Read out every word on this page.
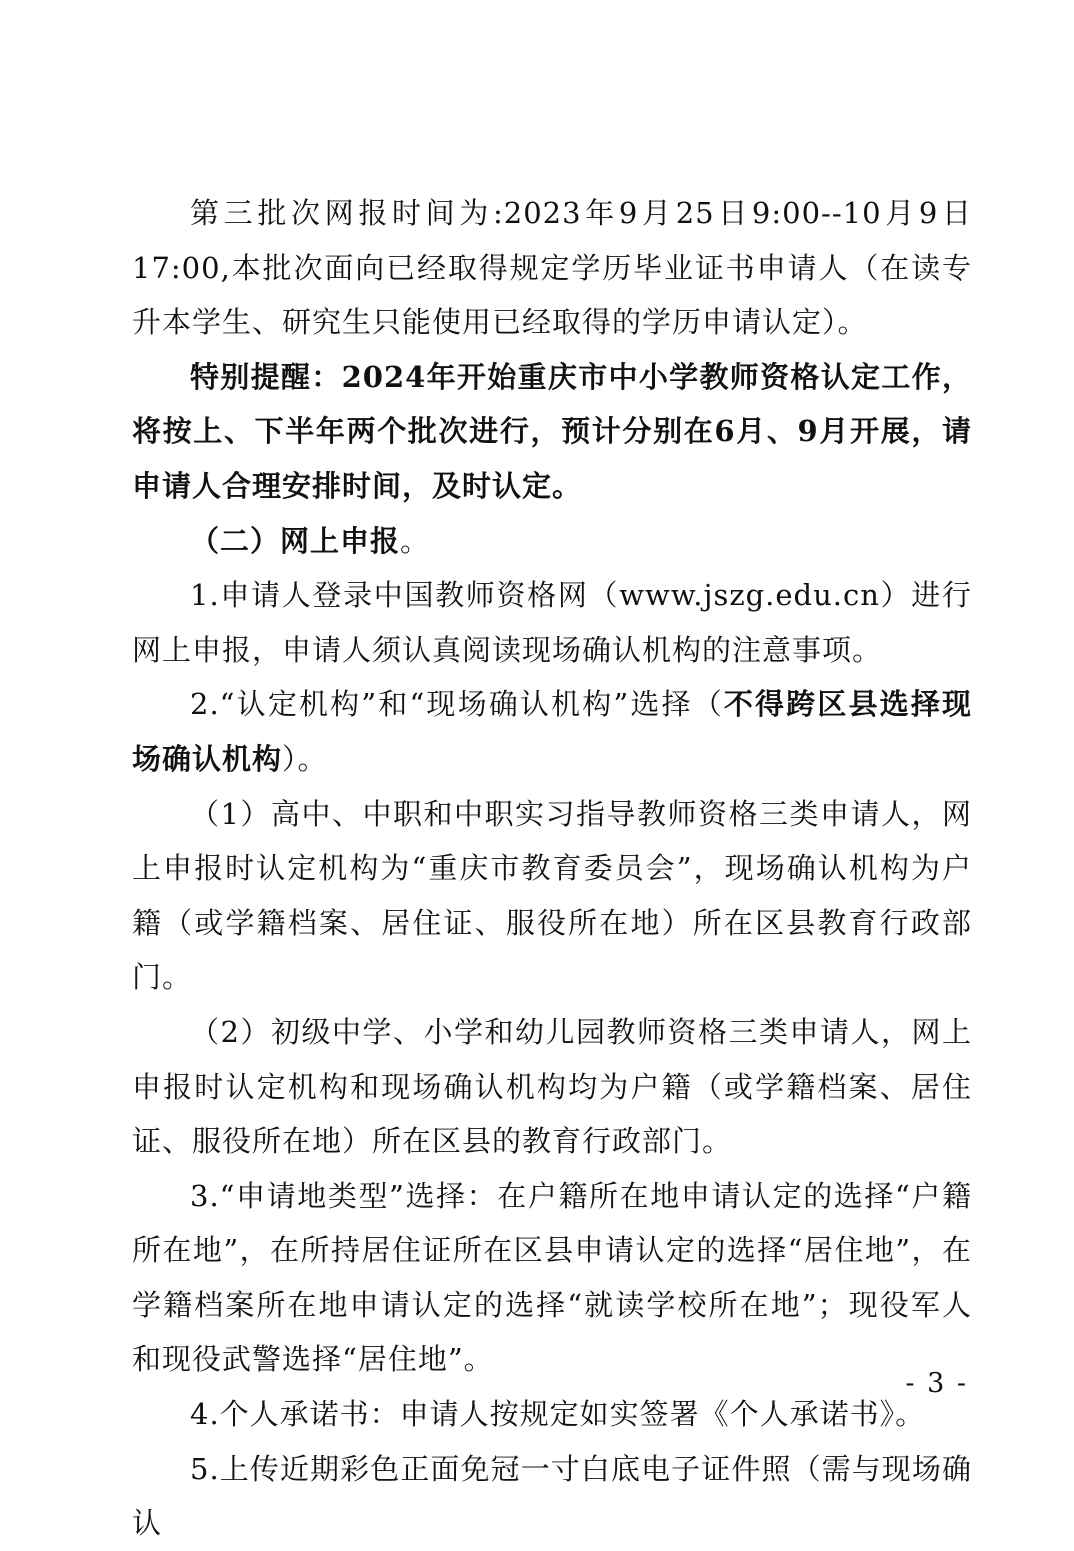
第三批次网报时间为:2023年9月25日9:00--10月9日17:00,本批次面向已经取得规定学历毕业证书申请人（在读专升本学生、研究生只能使用已经取得的学历申请认定）。

特别提醒：2024年开始重庆市中小学教师资格认定工作，将按上、下半年两个批次进行，预计分别在6月、9月开展，请申请人合理安排时间，及时认定。

（二）网上申报。

1.申请人登录中国教师资格网（www.jszg.edu.cn）进行网上申报，申请人须认真阅读现场确认机构的注意事项。

2.“认定机构”和“现场确认机构”选择（不得跨区县选择现场确认机构）。

（1）高中、中职和中职实习指导教师资格三类申请人，网上申报时认定机构为“重庆市教育委员会”，现场确认机构为户籍（或学籍档案、居住证、服役所在地）所在区县教育行政部门。

（2）初级中学、小学和幼儿园教师资格三类申请人，网上申报时认定机构和现场确认机构均为户籍（或学籍档案、居住证、服役所在地）所在区县的教育行政部门。

3.“申请地类型”选择：在户籍所在地申请认定的选择“户籍所在地”，在所持居住证所在区县申请认定的选择“居住地”，在学籍档案所在地申请认定的选择“就读学校所在地”；现役军人和现役武警选择“居住地”。

4.个人承诺书：申请人按规定如实签署《个人承诺书》。

5.上传近期彩色正面免冠一寸白底电子证件照（需与现场确认

- 3 -
